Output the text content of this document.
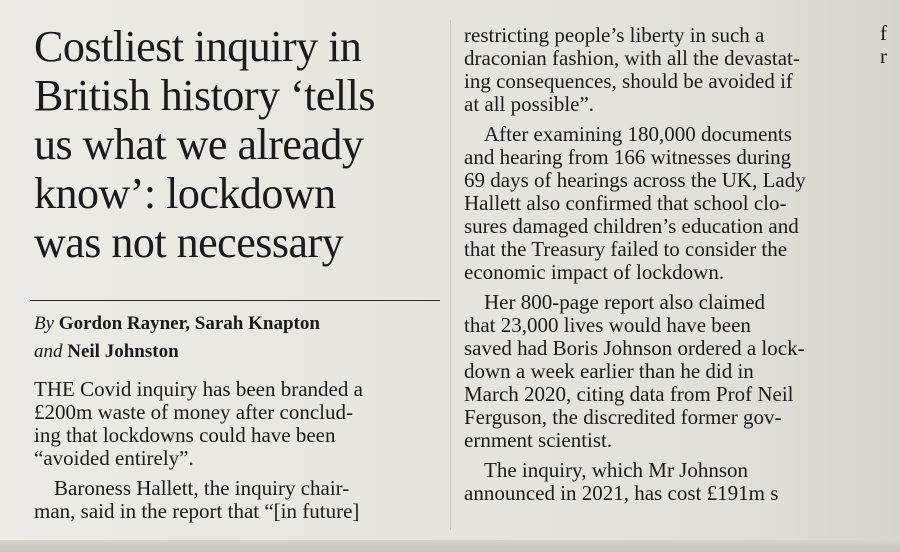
Costliest inquiry in
British history ‘tells
us what we already
know’: lockdown
was not necessary
By Gordon Rayner, Sarah Knapton
and Neil Johnston
THE Covid inquiry has been branded a
£200m waste of money after conclud-
ing that lockdowns could have been
“avoided entirely”.
Baroness Hallett, the inquiry chair-
man, said in the report that “[in future]
restricting people’s liberty in such a
draconian fashion, with all the devastat-
ing consequences, should be avoided if
at all possible”.
After examining 180,000 documents
and hearing from 166 witnesses during
69 days of hearings across the UK, Lady
Hallett also confirmed that school clo-
sures damaged children’s education and
that the Treasury failed to consider the
economic impact of lockdown.
Her 800-page report also claimed
that 23,000 lives would have been
saved had Boris Johnson ordered a lock-
down a week earlier than he did in
March 2020, citing data from Prof Neil
Ferguson, the discredited former gov-
ernment scientist.
The inquiry, which Mr Johnson
announced in 2021, has cost £191m s
f
r
